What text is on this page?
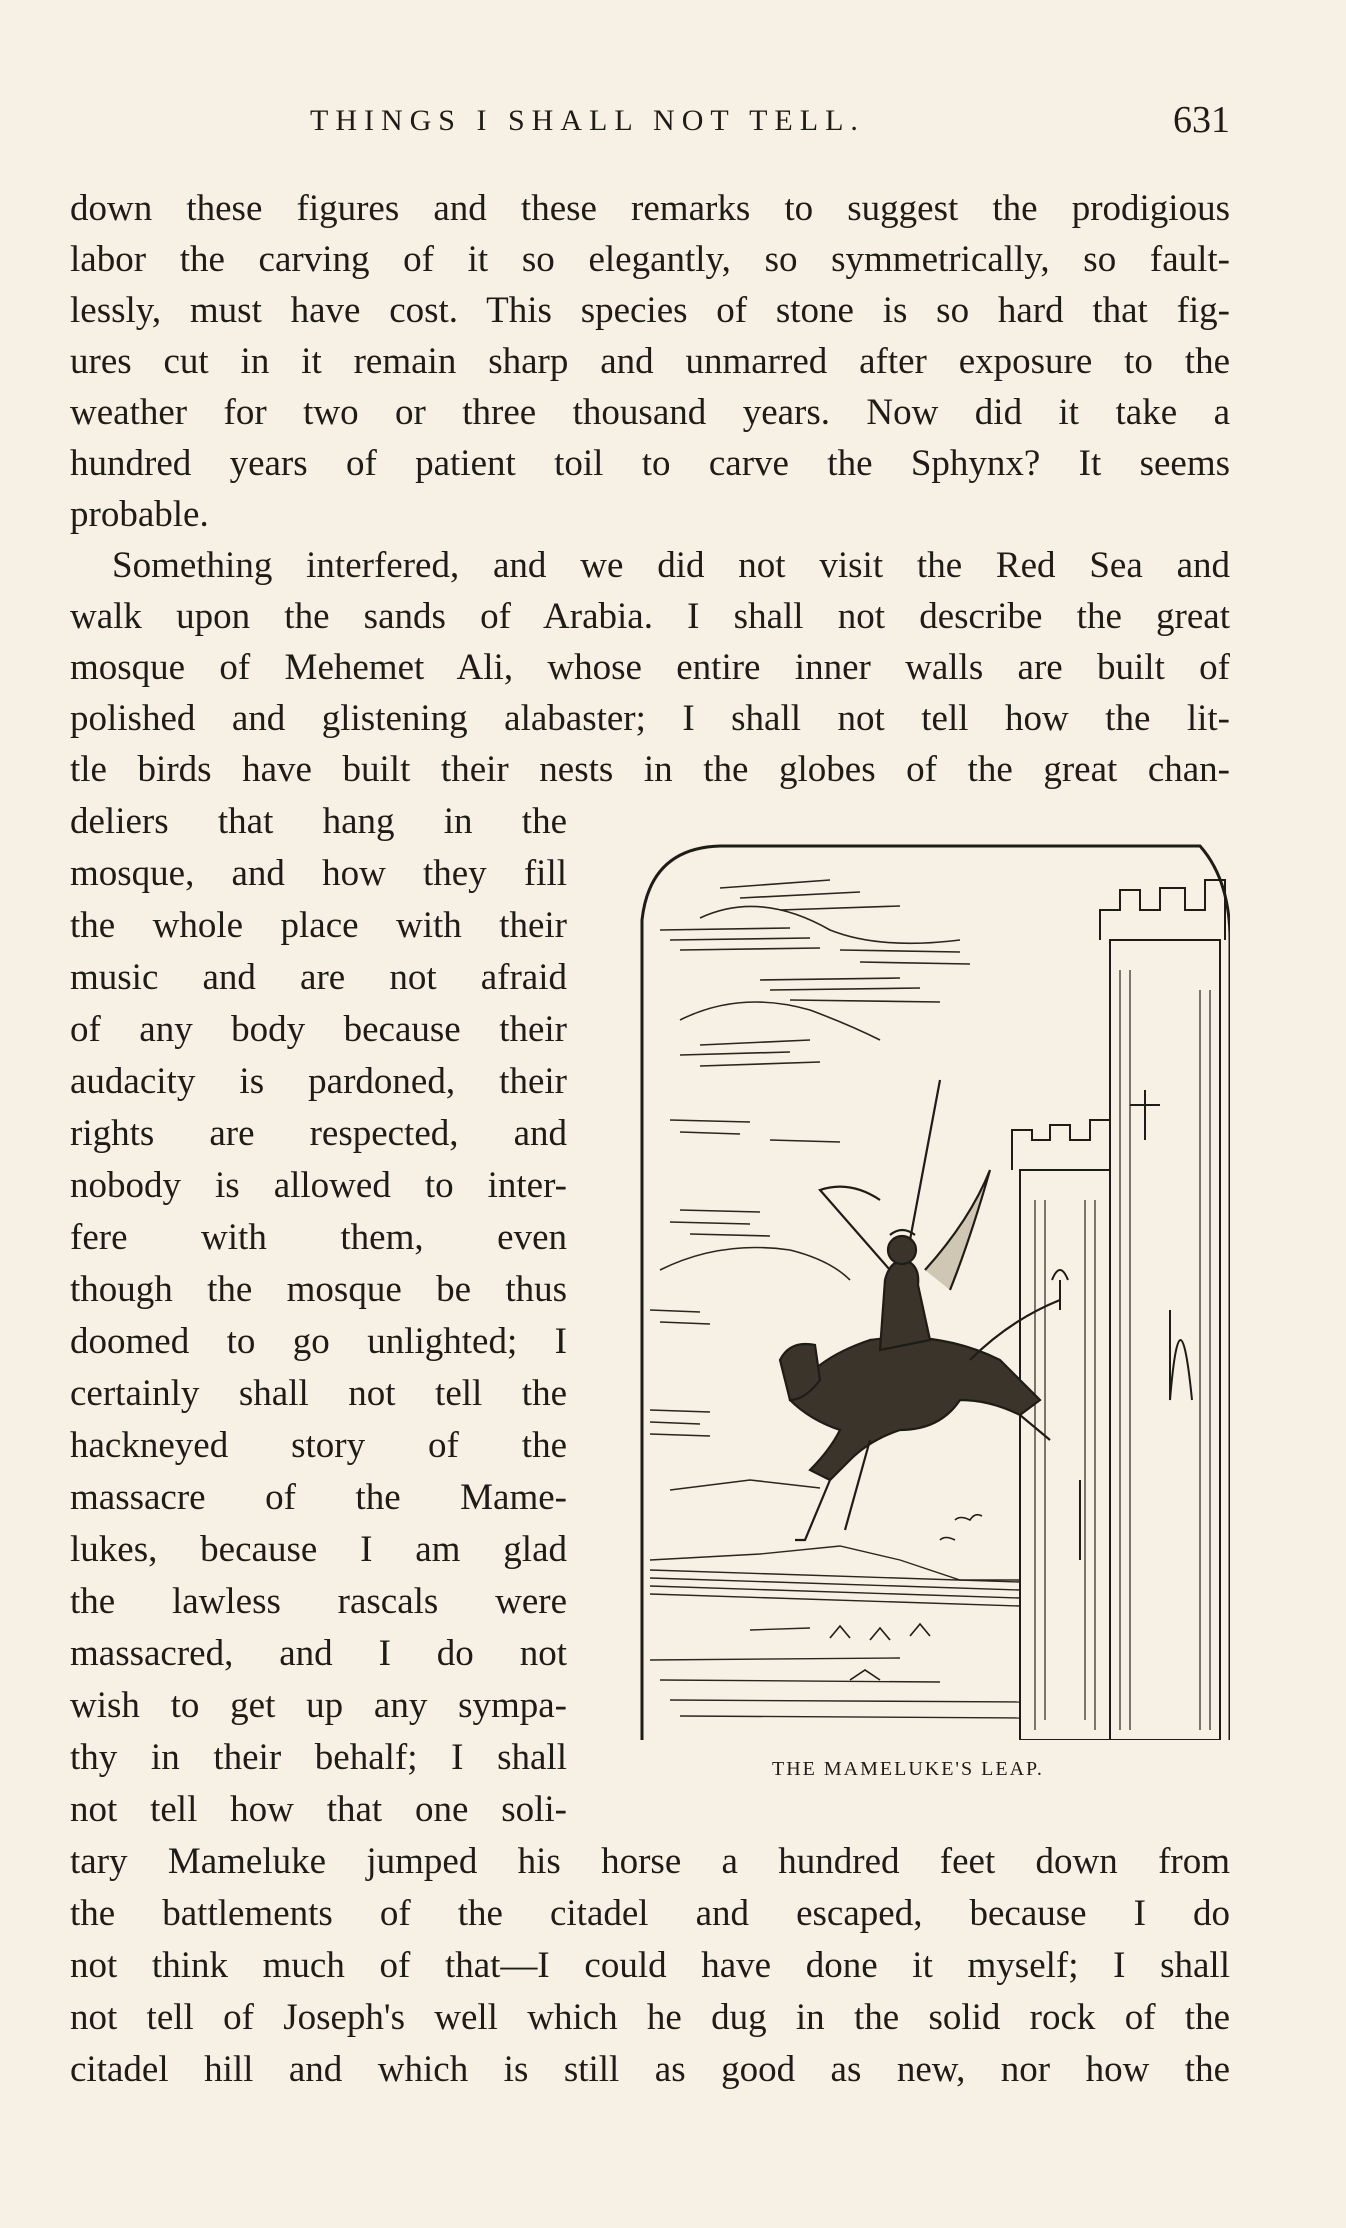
THINGS I SHALL NOT TELL.	631
down these figures and these remarks to suggest the prodigious
labor the carving of it so elegantly, so symmetrically, so fault-
lessly, must have cost. This species of stone is so hard that fig-
ures cut in it remain sharp and unmarred after exposure to the
weather for two or three thousand years. Now did it take a
hundred years of patient toil to carve the Sphynx? It seems
probable.
Something interfered, and we did not visit the Red Sea and
walk upon the sands of Arabia. I shall not describe the great
mosque of Mehemet Ali, whose entire inner walls are built of
polished and glistening alabaster; I shall not tell how the lit-
tle birds have built their nests in the globes of the great chan-
deliers that hang in the
mosque, and how they fill
the whole place with their
music and are not afraid
of any body because their
audacity is pardoned, their
rights are respected, and
nobody is allowed to inter-
fere with them, even
though the mosque be thus
doomed to go unlighted; I
certainly shall not tell the
hackneyed story of the
massacre of the Mame-
lukes, because I am glad
the lawless rascals were
massacred, and I do not
wish to get up any sympa-
thy in their behalf; I shall
not tell how that one soli-
tary Mameluke jumped his horse a hundred feet down from
the battlements of the citadel and escaped, because I do
not think much of that—I could have done it myself; I shall
not tell of Joseph's well which he dug in the solid rock of the
citadel hill and which is still as good as new, nor how the
THE MAMELUKE'S LEAP.
